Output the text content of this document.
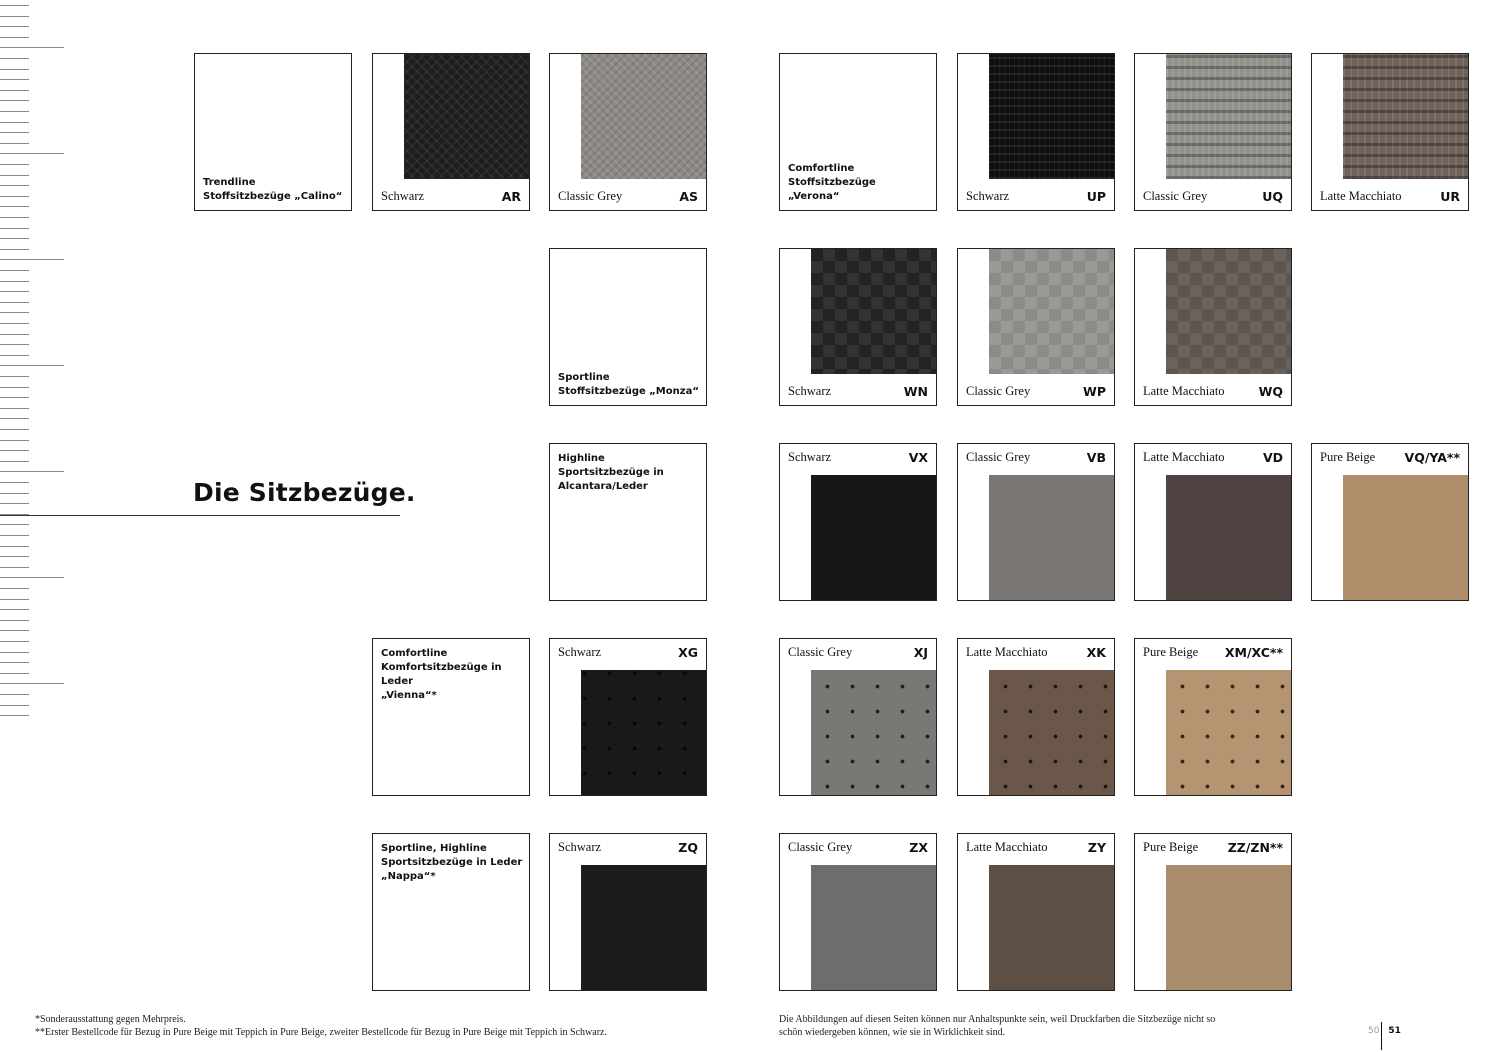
Die Sitzbezüge.
Trendline
Stoffsitzbezüge „Calino“	Schwarz	AR	Classic Grey	AS
Comfortline
Stoffsitzbezüge „Verona“	Schwarz	UP	Classic Grey	UQ	Latte Macchiato	UR
Sportline
Stoffsitzbezüge „Monza“	Schwarz	WN	Classic Grey	WP	Latte Macchiato	WQ
Highline
Sportsitzbezüge in
Alcantara/Leder
Schwarz	VX	Classic Grey	VB	Latte Macchiato	VD	Pure Beige VQ/YA**
Comfortline
Komfortsitzbezüge in Leder
„Vienna“*
Schwarz	XG	Classic Grey	XJ	Latte Macchiato	XK	Pure Beige XM/XC**
Sportline, Highline
Sportsitzbezüge in Leder
„Nappa“*
Schwarz	ZQ	Classic Grey	ZX	Latte Macchiato	ZY	Pure Beige ZZ/ZN**
*Sonderausstattung gegen Mehrpreis.
**Erster Bestellcode für Bezug in Pure Beige mit Teppich in Pure Beige, zweiter Bestellcode für Bezug in Pure Beige mit Teppich in Schwarz.
Die Abbildungen auf diesen Seiten können nur Anhaltspunkte sein, weil Druckfarben die Sitzbezüge nicht so
schön wiedergeben können, wie sie in Wirklichkeit sind.	50 51
